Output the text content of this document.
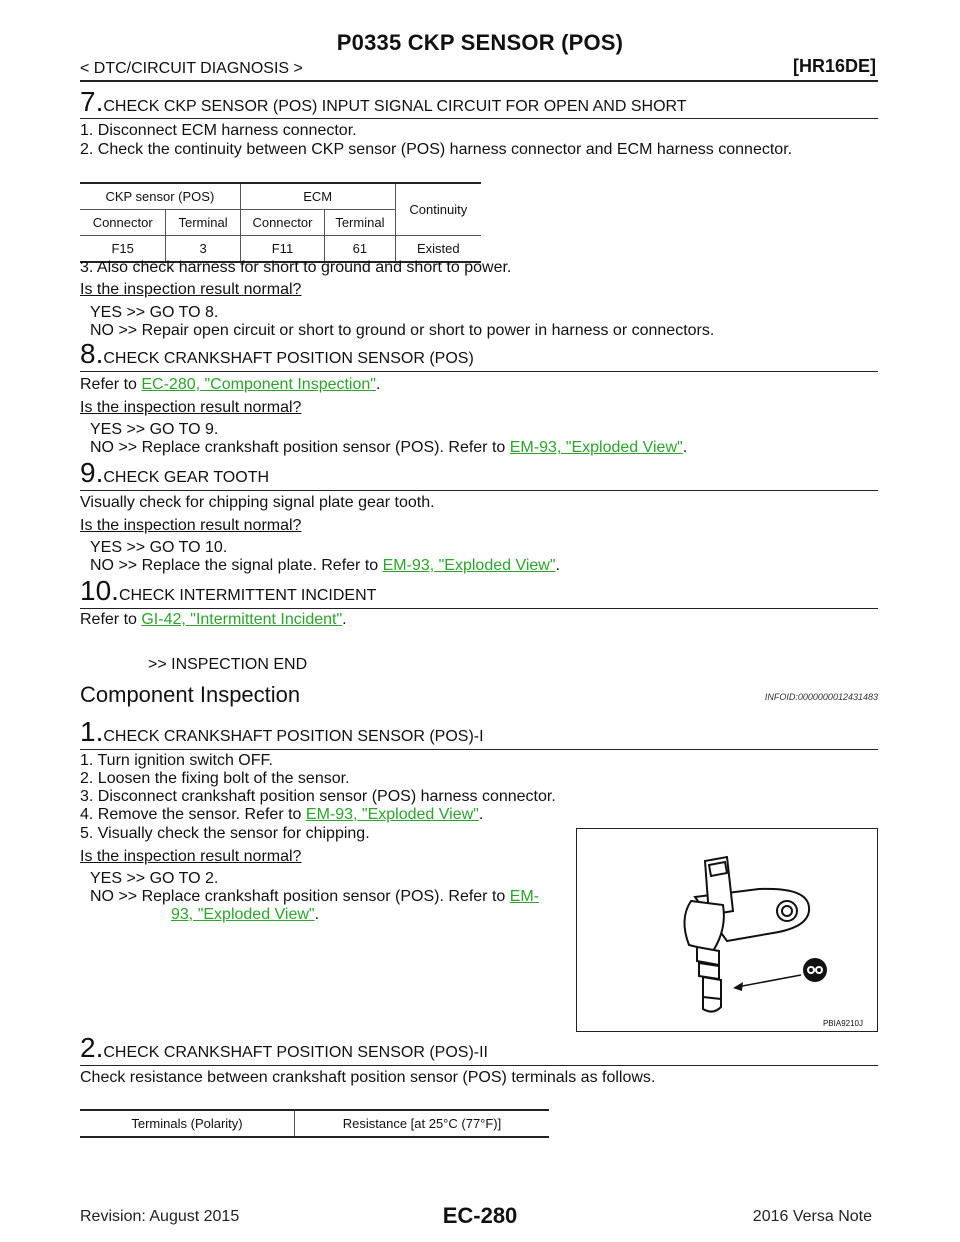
P0335 CKP SENSOR (POS)
< DTC/CIRCUIT DIAGNOSIS >	[HR16DE]
7.CHECK CKP SENSOR (POS) INPUT SIGNAL CIRCUIT FOR OPEN AND SHORT
1. Disconnect ECM harness connector.
2. Check the continuity between CKP sensor (POS) harness connector and ECM harness connector.
CKP sensor (POS)		ECM		Continuity
Connector	Terminal	Connector	Terminal	
F15	3	F11	61	Existed
3. Also check harness for short to ground and short to power.
Is the inspection result normal?
YES >> GO TO 8.
NO >> Repair open circuit or short to ground or short to power in harness or connectors.
8.CHECK CRANKSHAFT POSITION SENSOR (POS)
Refer to EC-280, "Component Inspection".
Is the inspection result normal?
YES >> GO TO 9.
NO >> Replace crankshaft position sensor (POS). Refer to EM-93, "Exploded View".
9.CHECK GEAR TOOTH
Visually check for chipping signal plate gear tooth.
Is the inspection result normal?
YES >> GO TO 10.
NO >> Replace the signal plate. Refer to EM-93, "Exploded View".
10.CHECK INTERMITTENT INCIDENT
Refer to GI-42, "Intermittent Incident".
>> INSPECTION END
Component Inspection	INFOID:0000000012431483
1.CHECK CRANKSHAFT POSITION SENSOR (POS)-I
1. Turn ignition switch OFF.
2. Loosen the fixing bolt of the sensor.
3. Disconnect crankshaft position sensor (POS) harness connector.
4. Remove the sensor. Refer to EM-93, "Exploded View".
5. Visually check the sensor for chipping.
Is the inspection result normal?
YES >> GO TO 2.
NO >> Replace crankshaft position sensor (POS). Refer to EM-
93, "Exploded View".
PBIA9210J
2.CHECK CRANKSHAFT POSITION SENSOR (POS)-II
Check resistance between crankshaft position sensor (POS) terminals as follows.
Terminals (Polarity)	Resistance [at 25°C (77°F)]
Revision: August 2015	EC-280	2016 Versa Note
